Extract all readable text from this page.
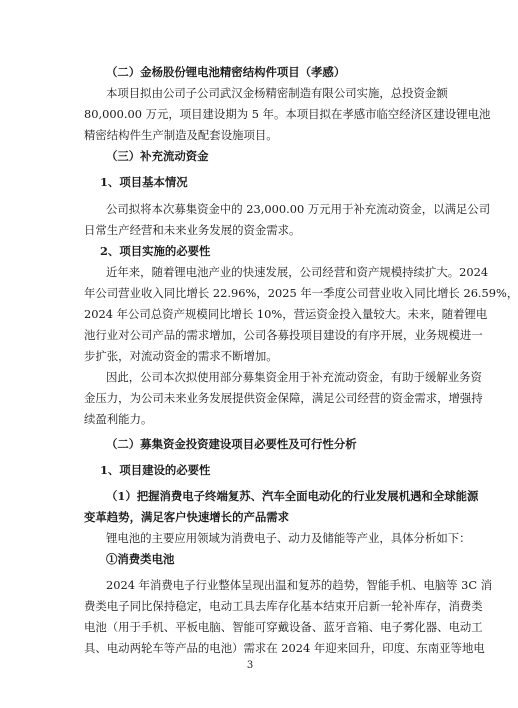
（二）金杨股份锂电池精密结构件项目（孝感）
本项目拟由公司子公司武汉金杨精密制造有限公司实施，总投资金额
80,000.00 万元，项目建设期为 5 年。本项目拟在孝感市临空经济区建设锂电池
精密结构件生产制造及配套设施项目。
（三）补充流动资金
1、项目基本情况
公司拟将本次募集资金中的 23,000.00 万元用于补充流动资金，以满足公司
日常生产经营和未来业务发展的资金需求。
2、项目实施的必要性
近年来，随着锂电池产业的快速发展，公司经营和资产规模持续扩大。2024
年公司营业收入同比增长 22.96%，2025 年一季度公司营业收入同比增长 26.59%，
2024 年公司总资产规模同比增长 10%，营运资金投入量较大。未来，随着锂电
池行业对公司产品的需求增加，公司各募投项目建设的有序开展，业务规模进一
步扩张，对流动资金的需求不断增加。
因此，公司本次拟使用部分募集资金用于补充流动资金，有助于缓解业务资
金压力，为公司未来业务发展提供资金保障，满足公司经营的资金需求，增强持
续盈利能力。
（二）募集资金投资建设项目必要性及可行性分析
1、项目建设的必要性
（1）把握消费电子终端复苏、汽车全面电动化的行业发展机遇和全球能源
变革趋势，满足客户快速增长的产品需求
锂电池的主要应用领域为消费电子、动力及储能等产业，具体分析如下：
①消费类电池
2024 年消费电子行业整体呈现出温和复苏的趋势，智能手机、电脑等 3C 消
费类电子同比保持稳定，电动工具去库存化基本结束开启新一轮补库存，消费类
电池（用于手机、平板电脑、智能可穿戴设备、蓝牙音箱、电子雾化器、电动工
具、电动两轮车等产品的电池）需求在 2024 年迎来回升，印度、东南亚等地电
3
